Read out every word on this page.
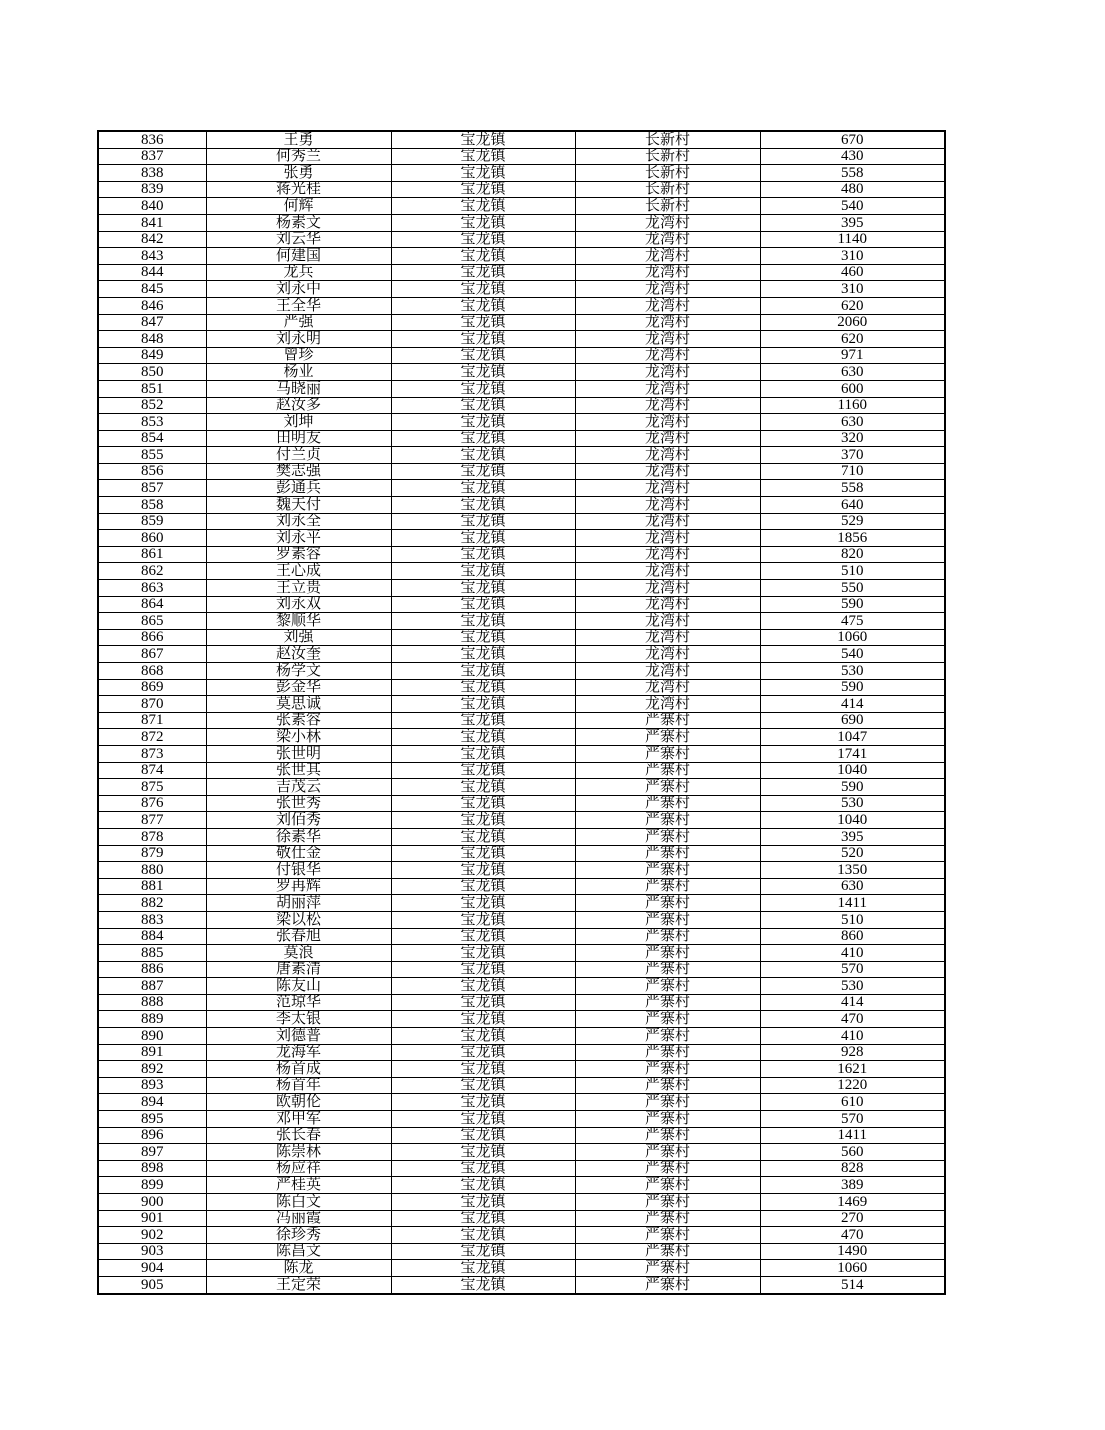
836	王勇	宝龙镇	长新村	670
837	何秀兰	宝龙镇	长新村	430
838	张勇	宝龙镇	长新村	558
839	蒋光桂	宝龙镇	长新村	480
840	何辉	宝龙镇	长新村	540
841	杨素文	宝龙镇	龙湾村	395
842	刘云华	宝龙镇	龙湾村	1140
843	何建国	宝龙镇	龙湾村	310
844	龙兵	宝龙镇	龙湾村	460
845	刘永中	宝龙镇	龙湾村	310
846	王全华	宝龙镇	龙湾村	620
847	严强	宝龙镇	龙湾村	2060
848	刘永明	宝龙镇	龙湾村	620
849	曾珍	宝龙镇	龙湾村	971
850	杨业	宝龙镇	龙湾村	630
851	马晓丽	宝龙镇	龙湾村	600
852	赵汝多	宝龙镇	龙湾村	1160
853	刘坤	宝龙镇	龙湾村	630
854	田明友	宝龙镇	龙湾村	320
855	付兰贞	宝龙镇	龙湾村	370
856	樊志强	宝龙镇	龙湾村	710
857	彭通兵	宝龙镇	龙湾村	558
858	魏天付	宝龙镇	龙湾村	640
859	刘永全	宝龙镇	龙湾村	529
860	刘永平	宝龙镇	龙湾村	1856
861	罗素容	宝龙镇	龙湾村	820
862	王心成	宝龙镇	龙湾村	510
863	王立贵	宝龙镇	龙湾村	550
864	刘永双	宝龙镇	龙湾村	590
865	黎顺华	宝龙镇	龙湾村	475
866	刘强	宝龙镇	龙湾村	1060
867	赵汝奎	宝龙镇	龙湾村	540
868	杨学文	宝龙镇	龙湾村	530
869	彭金华	宝龙镇	龙湾村	590
870	莫思诚	宝龙镇	龙湾村	414
871	张素容	宝龙镇	严寨村	690
872	梁小林	宝龙镇	严寨村	1047
873	张世明	宝龙镇	严寨村	1741
874	张世其	宝龙镇	严寨村	1040
875	吉茂云	宝龙镇	严寨村	590
876	张世秀	宝龙镇	严寨村	530
877	刘佰秀	宝龙镇	严寨村	1040
878	徐素华	宝龙镇	严寨村	395
879	敬仕金	宝龙镇	严寨村	520
880	付银华	宝龙镇	严寨村	1350
881	罗再辉	宝龙镇	严寨村	630
882	胡丽萍	宝龙镇	严寨村	1411
883	梁以松	宝龙镇	严寨村	510
884	张春旭	宝龙镇	严寨村	860
885	莫浪	宝龙镇	严寨村	410
886	唐素清	宝龙镇	严寨村	570
887	陈友山	宝龙镇	严寨村	530
888	范琼华	宝龙镇	严寨村	414
889	李太银	宝龙镇	严寨村	470
890	刘德普	宝龙镇	严寨村	410
891	龙海军	宝龙镇	严寨村	928
892	杨首成	宝龙镇	严寨村	1621
893	杨首年	宝龙镇	严寨村	1220
894	欧朝伦	宝龙镇	严寨村	610
895	邓甲军	宝龙镇	严寨村	570
896	张长春	宝龙镇	严寨村	1411
897	陈崇林	宝龙镇	严寨村	560
898	杨应祥	宝龙镇	严寨村	828
899	严桂英	宝龙镇	严寨村	389
900	陈白文	宝龙镇	严寨村	1469
901	冯丽霞	宝龙镇	严寨村	270
902	徐珍秀	宝龙镇	严寨村	470
903	陈昌文	宝龙镇	严寨村	1490
904	陈龙	宝龙镇	严寨村	1060
905	王定荣	宝龙镇	严寨村	514
